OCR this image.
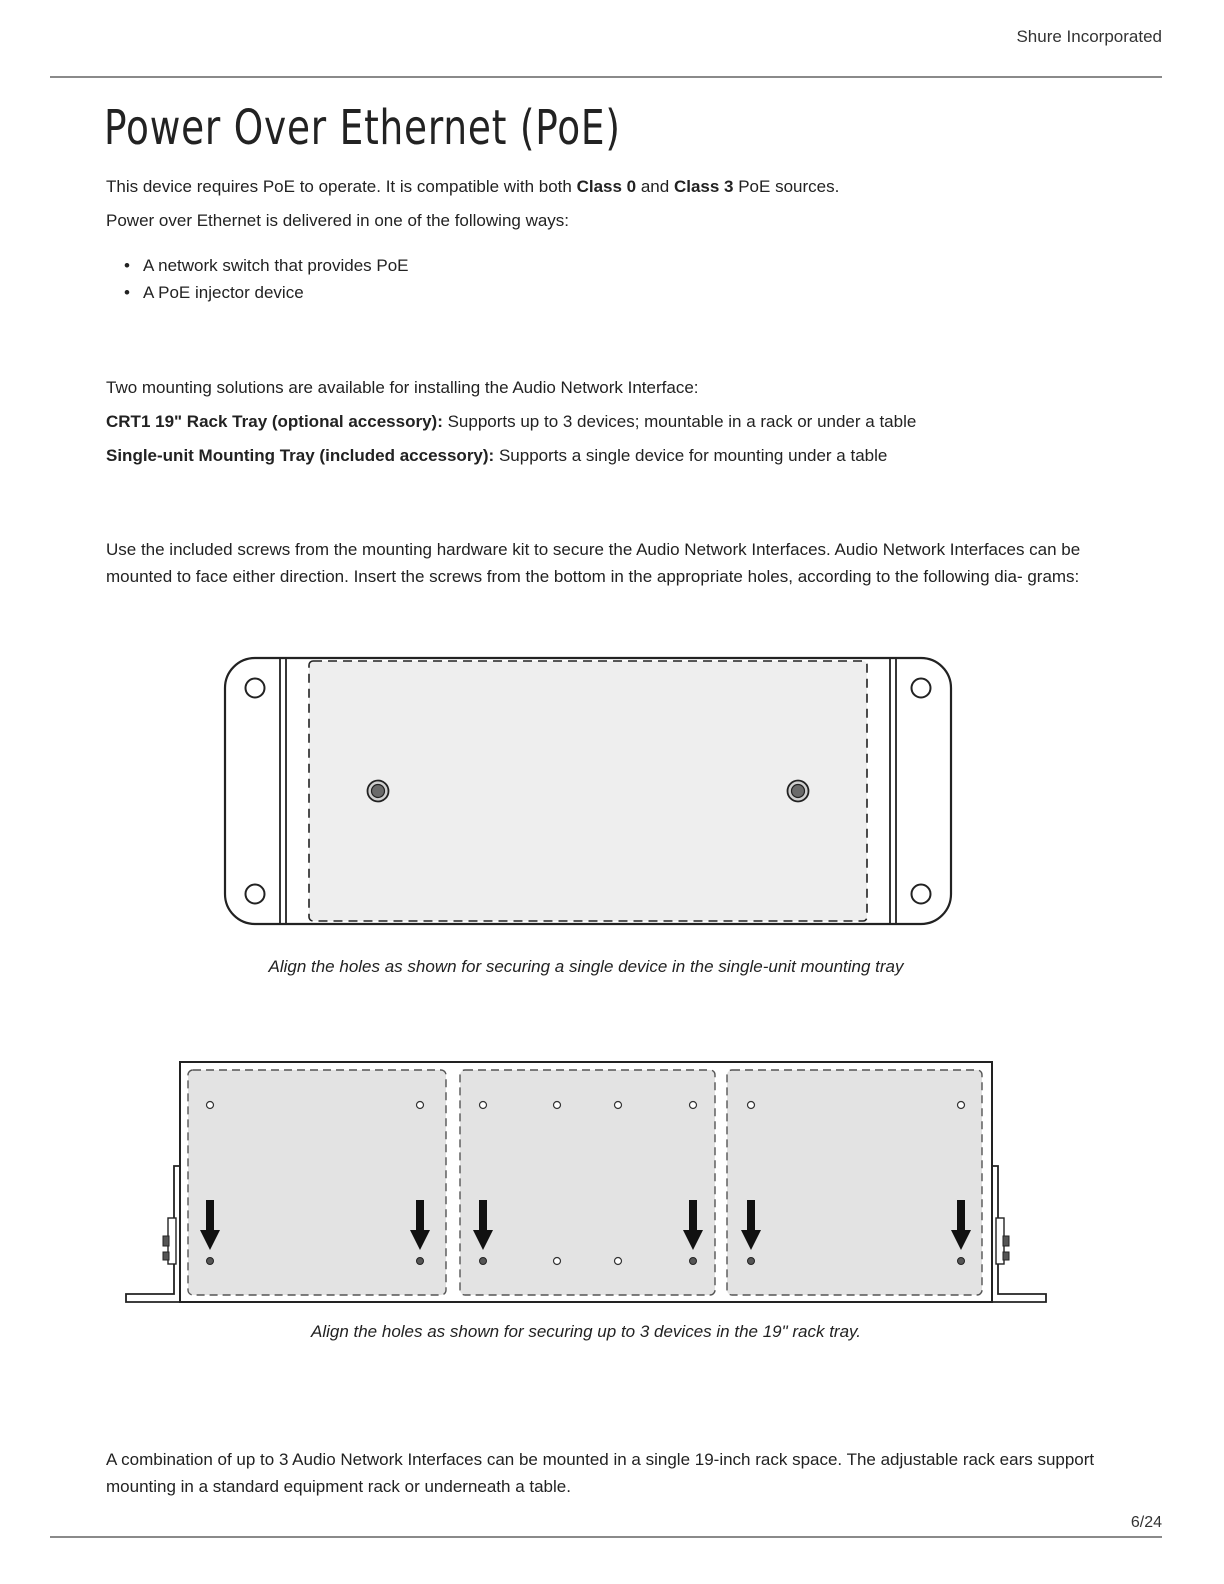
Shure Incorporated
Power Over Ethernet (PoE)

This device requires PoE to operate. It is compatible with both Class 0 and Class 3 PoE sources.

Power over Ethernet is delivered in one of the following ways:

• A network switch that provides PoE
• A PoE injector device

Two mounting solutions are available for installing the Audio Network Interface:

CRT1 19" Rack Tray (optional accessory): Supports up to 3 devices; mountable in a rack or under a table

Single-unit Mounting Tray (included accessory): Supports a single device for mounting under a table

Use the included screws from the mounting hardware kit to secure the Audio Network Interfaces. Audio Network Interfaces can be mounted to face either direction. Insert the screws from the bottom in the appropriate holes, according to the following dia- grams:

Align the holes as shown for securing a single device in the single-unit mounting tray

Align the holes as shown for securing up to 3 devices in the 19" rack tray.

A combination of up to 3 Audio Network Interfaces can be mounted in a single 19-inch rack space. The adjustable rack ears support mounting in a standard equipment rack or underneath a table.

6/24
